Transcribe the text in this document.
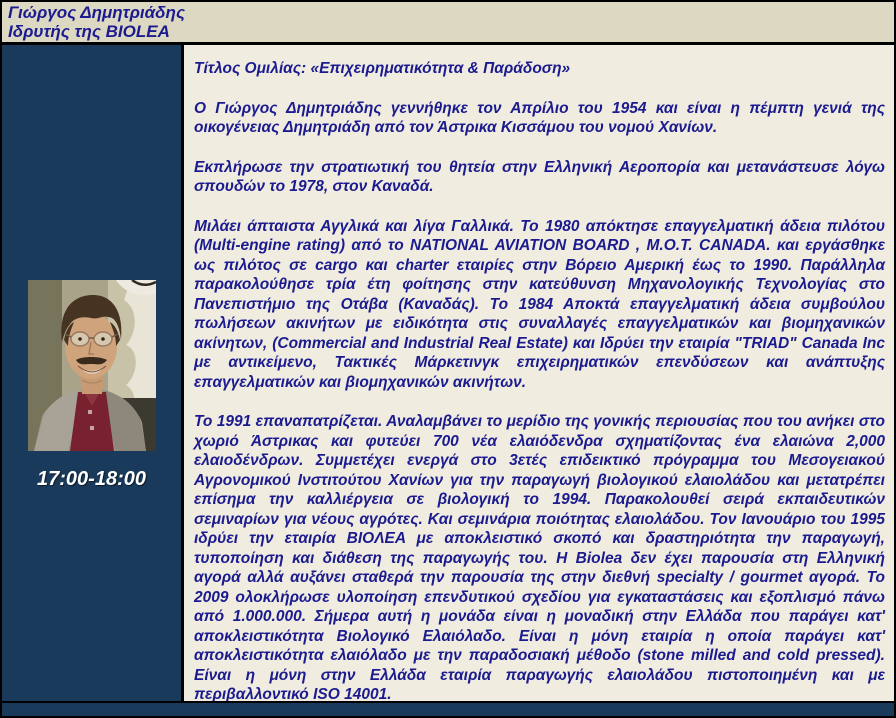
Γιώργος Δημητριάδης
Ιδρυτής της BIOLEA
17:00-18:00
Τίτλος Ομιλίας: «Επιχειρηματικότητα & Παράδοση»

Ο Γιώργος Δημητριάδης γεννήθηκε τον Απρίλιο του 1954 και είναι η πέμπτη γενιά της οικογένειας Δημητριάδη από τον Άστρικα Κισσάμου του νομού Χανίων.

Εκπλήρωσε την στρατιωτική του θητεία στην Ελληνική Αεροπορία και μετανάστευσε λόγω σπουδών το 1978, στον Καναδά.

Μιλάει άπταιστα Αγγλικά και λίγα Γαλλικά. Το 1980 απόκτησε επαγγελματική άδεια πιλότου (Multi-engine rating) από το NATIONAL AVIATION BOARD , M.O.T. CANADA. και εργάσθηκε ως πιλότος σε cargo και charter εταιρίες στην Βόρειο Αμερική έως το 1990. Παράλληλα παρακολούθησε τρία έτη φοίτησης στην κατεύθυνση Μηχανολογικής Τεχνολογίας στο Πανεπιστήμιο της Οτάβα (Καναδάς). Το 1984 Αποκτά επαγγελματική άδεια συμβούλου πωλήσεων ακινήτων με ειδικότητα στις συναλλαγές επαγγελματικών και βιομηχανικών ακίνητων, (Commercial and Industrial Real Estate) και Ιδρύει την εταιρία "TRIAD" Canada Inc με αντικείμενο, Τακτικές Μάρκετινγκ επιχειρηματικών επενδύσεων και ανάπτυξης επαγγελματικών και βιομηχανικών ακινήτων.

Το 1991 επαναπατρίζεται. Αναλαμβάνει το μερίδιο της γονικής περιουσίας που του ανήκει στο χωριό Άστρικας και φυτεύει 700 νέα ελαιόδενδρα σχηματίζοντας ένα ελαιώνα 2,000 ελαιοδένδρων. Συμμετέχει ενεργά στο 3ετές επιδεικτικό πρόγραμμα του Μεσογειακού Αγρονομικού Ινστιτούτου Χανίων για την παραγωγή βιολογικού ελαιολάδου και μετατρέπει επίσημα την καλλιέργεια σε βιολογική το 1994. Παρακολουθεί σειρά εκπαιδευτικών σεμιναρίων για νέους αγρότες. Και σεμινάρια ποιότητας ελαιολάδου. Τον Ιανουάριο του 1995 ιδρύει την εταιρία ΒΙΟΛΕΑ με αποκλειστικό σκοπό και δραστηριότητα την παραγωγή, τυποποίηση και διάθεση της παραγωγής του. Η Biolea δεν έχει παρουσία στη Ελληνική αγορά αλλά αυξάνει σταθερά την παρουσία της στην διεθνή specialty / gourmet αγορά. Το 2009 ολοκλήρωσε υλοποίηση επενδυτικού σχεδίου για εγκαταστάσεις και εξοπλισμό πάνω από 1.000.000. Σήμερα αυτή η μονάδα είναι η μοναδική στην Ελλάδα που παράγει κατ' αποκλειστικότητα Βιολογικό Ελαιόλαδο. Είναι η μόνη εταιρία η οποία παράγει κατ' αποκλειστικότητα ελαιόλαδο με την παραδοσιακή μέθοδο (stone milled and cold pressed). Είναι η μόνη στην Ελλάδα εταιρία παραγωγής ελαιολάδου πιστοποιημένη και με περιβαλλοντικό ISO 14001.
